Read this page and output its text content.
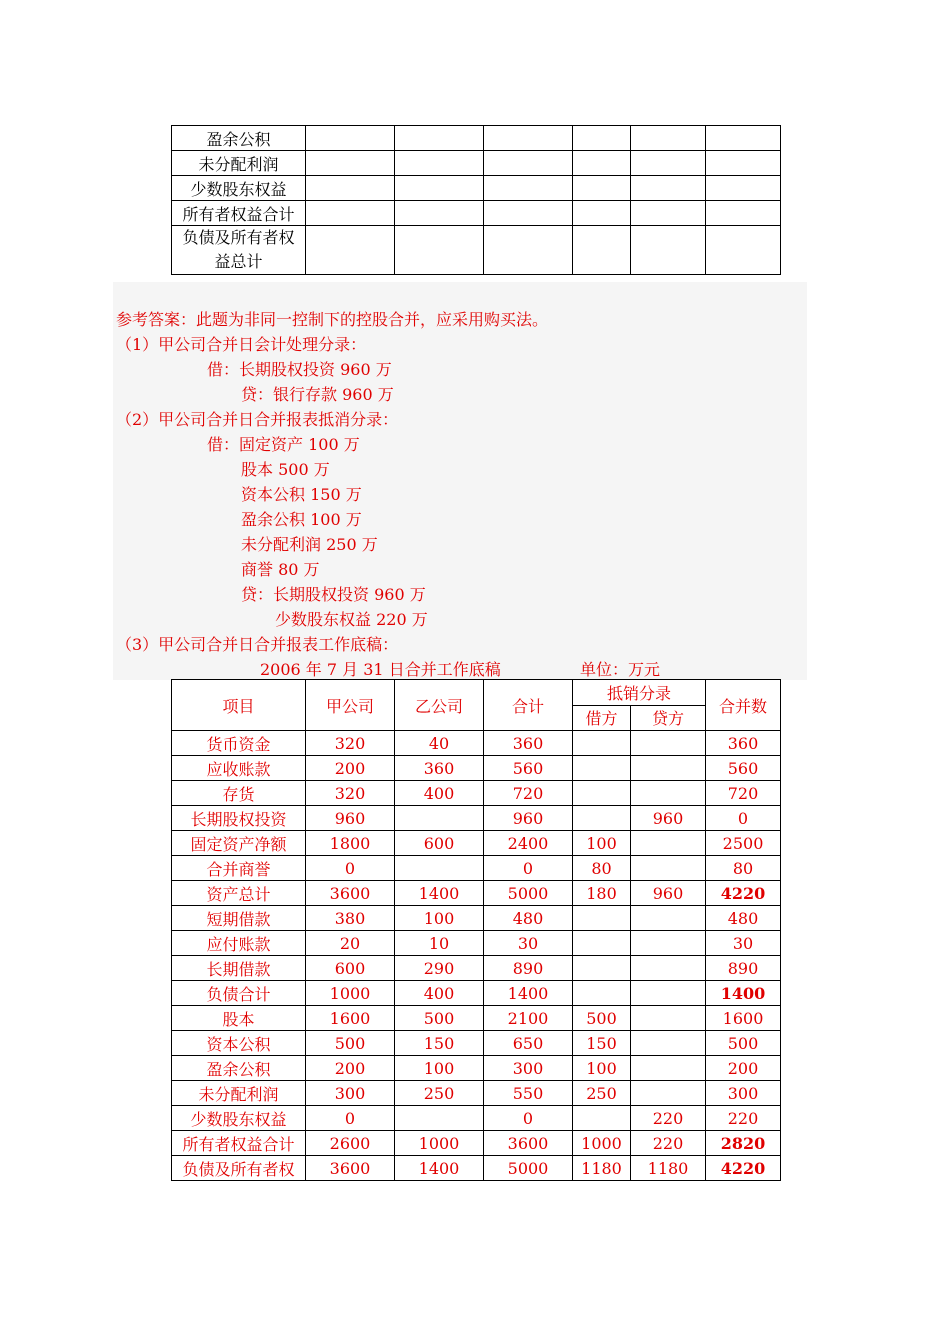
盈余公积						
未分配利润						
少数股东权益						
所有者权益合计						

负债及所有者权
益总计						

参考答案：此题为非同一控制下的控股合并，应采用购买法。
（1）甲公司合并日会计处理分录：
借：长期股权投资 960 万
贷：银行存款 960 万
（2）甲公司合并日合并报表抵消分录：
借：固定资产 100 万
股本 500 万
资本公积 150 万
盈余公积 100 万
未分配利润 250 万
商誉 80 万
贷：长期股权投资 960 万
少数股东权益 220 万
（3）甲公司合并日合并报表工作底稿：
2006 年 7 月 31 日合并工作底稿	单位：万元
项目	甲公司	乙公司	合计	抵销分录		合并数
				借方	贷方	
货币资金	320	40	360			360
应收账款	200	360	560			560
存货	320	400	720			720
长期股权投资	960		960		960	0
固定资产净额	1800	600	2400	100		2500
合并商誉	0		0	80		80
资产总计	3600	1400	5000	180	960	4220
短期借款	380	100	480			480
应付账款	20	10	30			30
长期借款	600	290	890			890
负债合计	1000	400	1400			1400
股本	1600	500	2100	500		1600
资本公积	500	150	650	150		500
盈余公积	200	100	300	100		200
未分配利润	300	250	550	250		300
少数股东权益	0		0		220	220
所有者权益合计	2600	1000	3600	1000	220	2820
负债及所有者权	3600	1400	5000	1180	1180	4220
